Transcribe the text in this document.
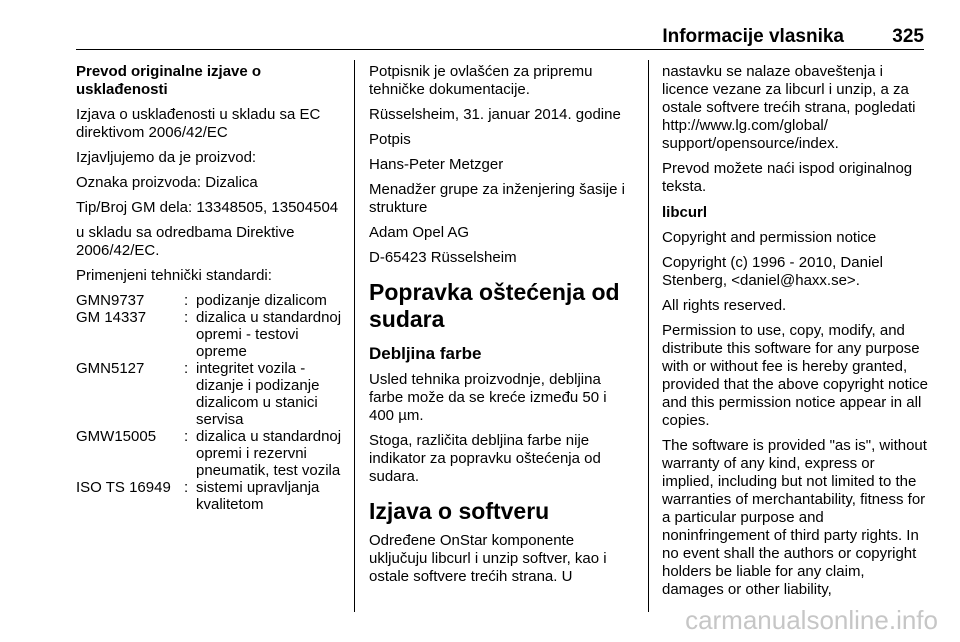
Informacije vlasnika	325

Prevod originalne izjave o usklađenosti

Izjava o usklađenosti u skladu sa EC direktivom 2006/42/EC

Izjavljujemo da je proizvod:

Oznaka proizvoda: Dizalica

Tip/Broj GM dela: 13348505, 13504504

u skladu sa odredbama Direktive 2006/42/EC.

Primenjeni tehnički standardi:

GMN9737	:	podizanje dizalicom
GM 14337	:	dizalica u standardnoj opremi - testovi opreme
GMN5127	:	integritet vozila - dizanje i podizanje dizalicom u stanici servisa
GMW15005	:	dizalica u standardnoj opremi i rezervni pneumatik, test vozila
ISO TS 16949	:	sistemi upravljanja kvalitetom

Potpisnik je ovlašćen za pripremu tehničke dokumentacije.

Rüsselsheim, 31. januar 2014. godine

Potpis

Hans-Peter Metzger

Menadžer grupe za inženjering šasije i strukture

Adam Opel AG

D-65423 Rüsselsheim

Popravka oštećenja od sudara
Debljina farbe

Usled tehnika proizvodnje, debljina farbe može da se kreće između 50 i 400 µm.

Stoga, različita debljina farbe nije indikator za popravku oštećenja od sudara.

Izjava o softveru

Određene OnStar komponente uključuju libcurl i unzip softver, kao i ostale softvere trećih strana. U

nastavku se nalaze obaveštenja i licence vezane za libcurl i unzip, a za ostale softvere trećih strana, pogledati http://www.lg.com/global/ support/opensource/index.

Prevod možete naći ispod originalnog teksta.

libcurl

Copyright and permission notice

Copyright (c) 1996 - 2010, Daniel Stenberg, <daniel@haxx.se>.

All rights reserved.

Permission to use, copy, modify, and distribute this software for any purpose with or without fee is hereby granted, provided that the above copyright notice and this permission notice appear in all copies.

The software is provided "as is", without warranty of any kind, express or implied, including but not limited to the warranties of merchantability, fitness for a particular purpose and noninfringement of third party rights. In no event shall the authors or copyright holders be liable for any claim, damages or other liability,

carmanualsonline.info
